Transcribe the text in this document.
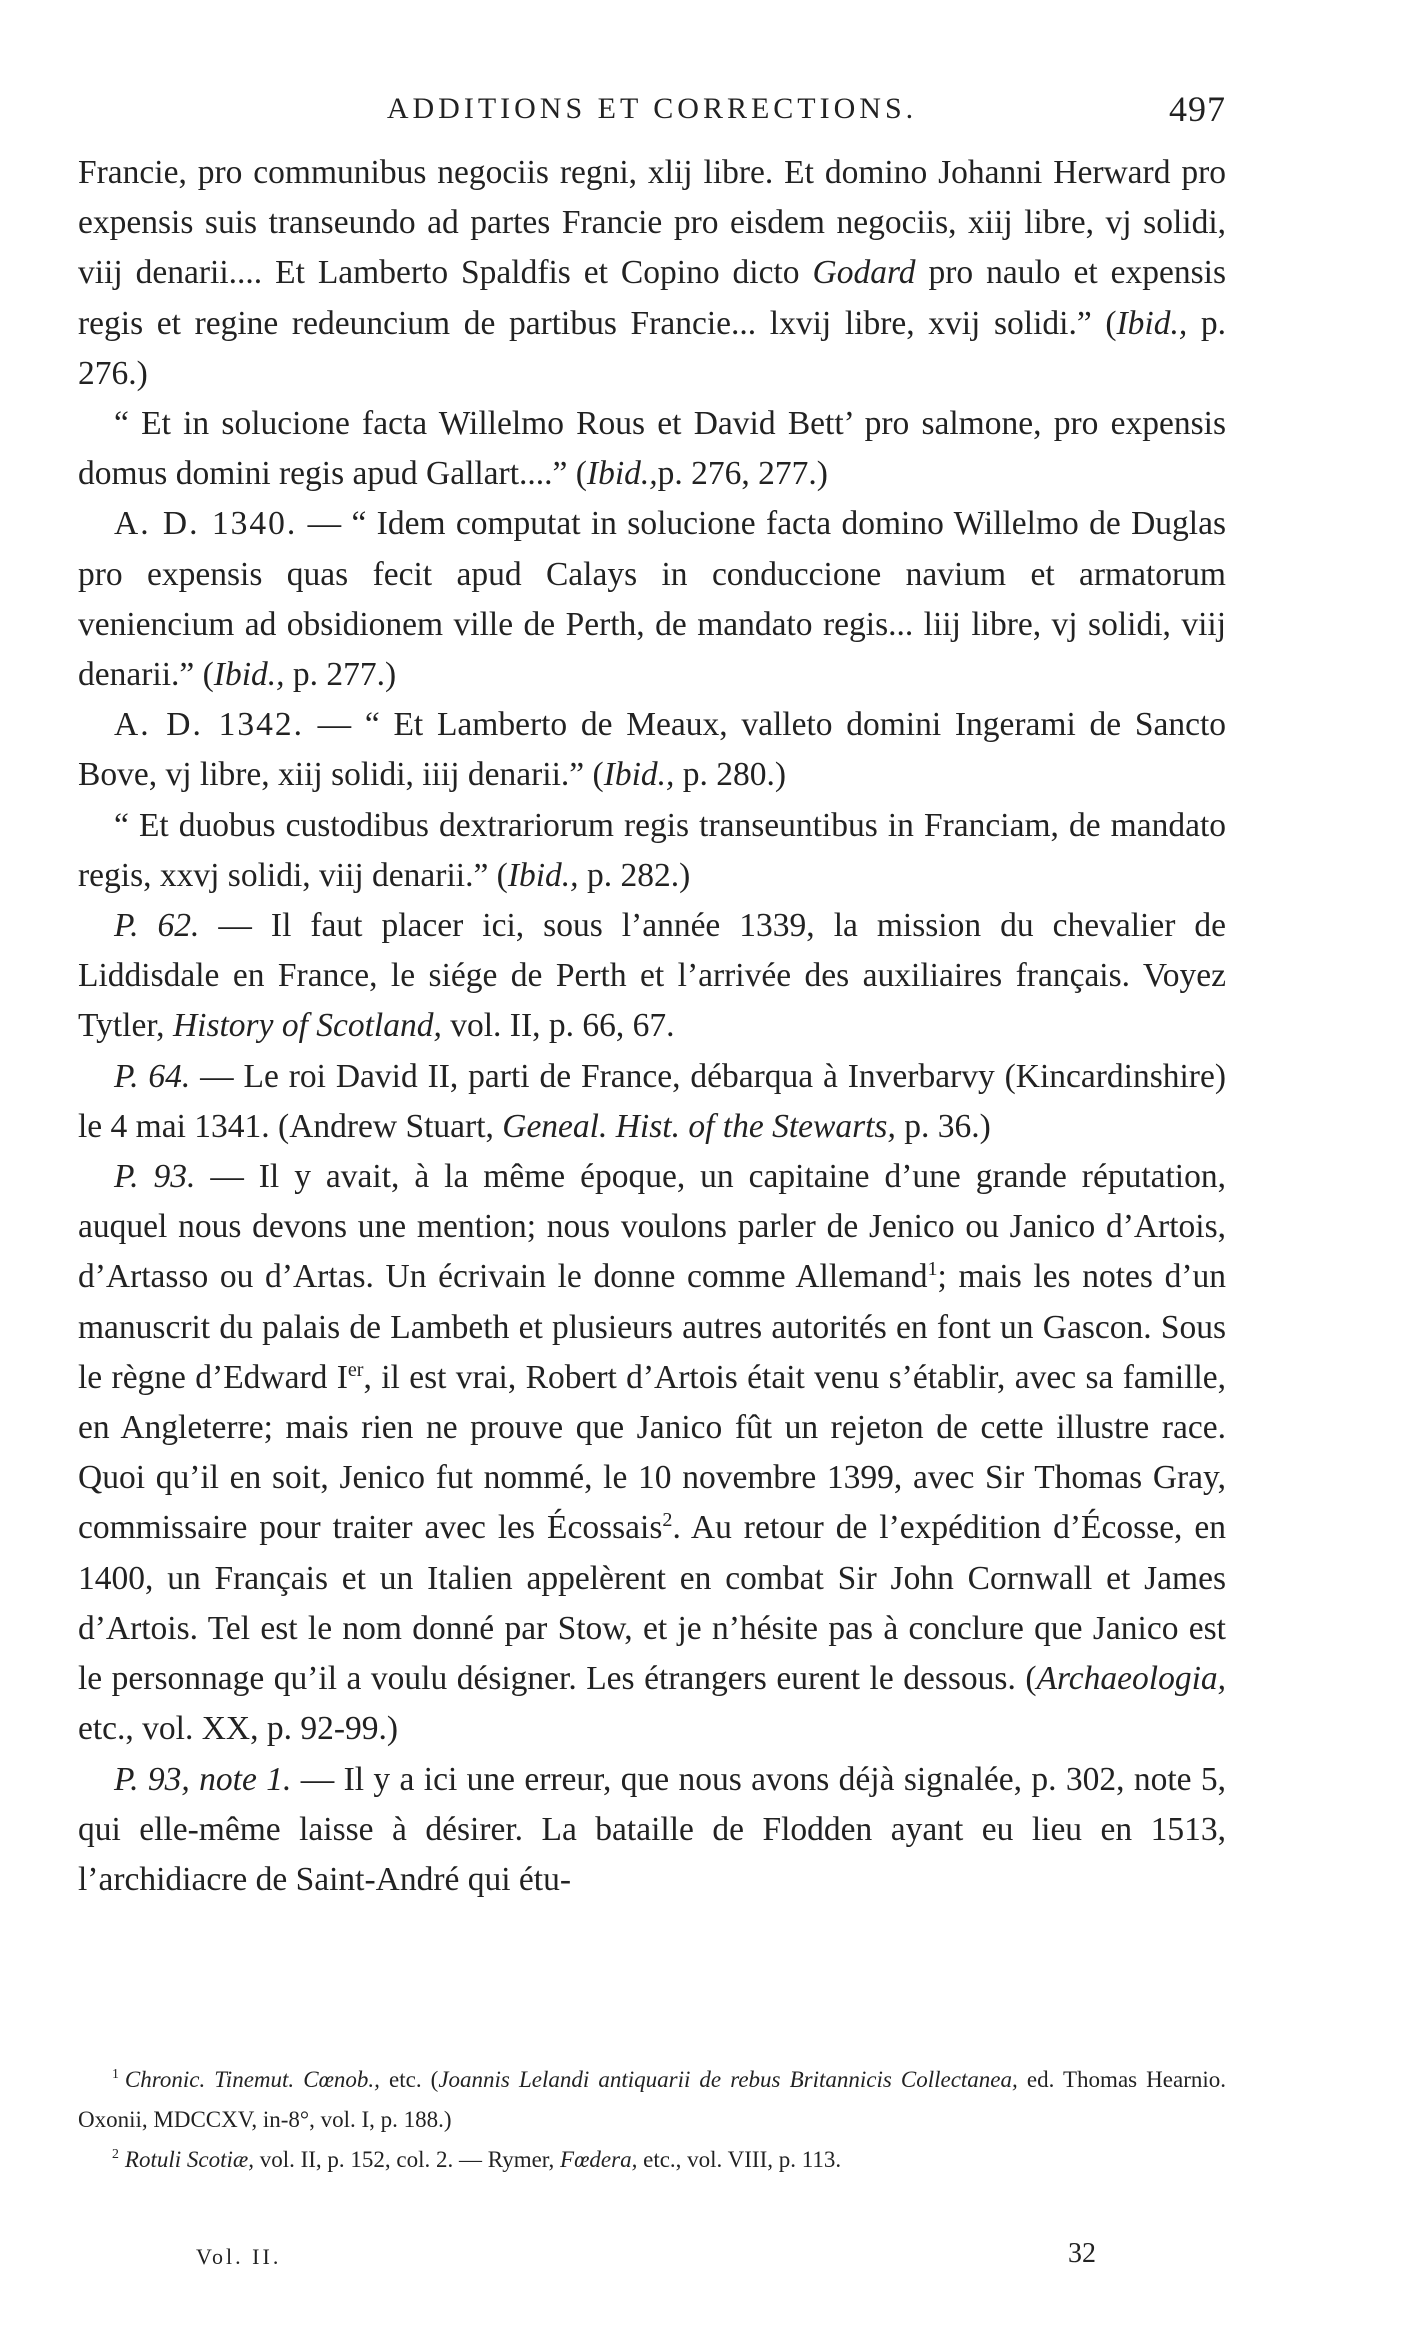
ADDITIONS ET CORRECTIONS.	497

Francie, pro communibus negociis regni, xlij libre. Et domino Johanni Herward pro expensis suis transeundo ad partes Francie pro eisdem negociis, xiij libre, vj solidi, viij denarii.... Et Lamberto Spaldfis et Copino dicto Godard pro naulo et expensis regis et regine redeuncium de partibus Francie... lxvij libre, xvij solidi.” (Ibid., p. 276.)

“ Et in solucione facta Willelmo Rous et David Bett’ pro salmone, pro expensis domus domini regis apud Gallart....” (Ibid.,p. 276, 277.)

A. D. 1340. — “ Idem computat in solucione facta domino Willelmo de Duglas pro expensis quas fecit apud Calays in conduccione navium et armatorum veniencium ad obsidionem ville de Perth, de mandato regis... liij libre, vj solidi, viij denarii.” (Ibid., p. 277.)

A. D. 1342. — “ Et Lamberto de Meaux, valleto domini Ingerami de Sancto Bove, vj libre, xiij solidi, iiij denarii.” (Ibid., p. 280.)

“ Et duobus custodibus dextrariorum regis transeuntibus in Franciam, de mandato regis, xxvj solidi, viij denarii.” (Ibid., p. 282.)

P. 62. — Il faut placer ici, sous l’année 1339, la mission du chevalier de Liddisdale en France, le siége de Perth et l’arrivée des auxiliaires français. Voyez Tytler, History of Scotland, vol. II, p. 66, 67.

P. 64. — Le roi David II, parti de France, débarqua à Inverbarvy (Kincardinshire) le 4 mai 1341. (Andrew Stuart, Geneal. Hist. of the Stewarts, p. 36.)

P. 93. — Il y avait, à la même époque, un capitaine d’une grande réputation, auquel nous devons une mention; nous voulons parler de Jenico ou Janico d’Artois, d’Artasso ou d’Artas. Un écrivain le donne comme Allemand$^1$; mais les notes d’un manuscrit du palais de Lambeth et plusieurs autres autorités en font un Gascon. Sous le règne d’Edward Ier, il est vrai, Robert d’Artois était venu s’établir, avec sa famille, en Angleterre; mais rien ne prouve que Janico fût un rejeton de cette illustre race. Quoi qu’il en soit, Jenico fut nommé, le 10 novembre 1399, avec Sir Thomas Gray, commissaire pour traiter avec les Écossais$^2$. Au retour de l’expédition d’Écosse, en 1400, un Français et un Italien appelèrent en combat Sir John Cornwall et James d’Artois. Tel est le nom donné par Stow, et je n’hésite pas à conclure que Janico est le personnage qu’il a voulu désigner. Les étrangers eurent le dessous. (Archaeologia, etc., vol. XX, p. 92-99.)

P. 93, note 1. — Il y a ici une erreur, que nous avons déjà signalée, p. 302, note 5, qui elle-même laisse à désirer. La bataille de Flodden ayant eu lieu en 1513, l’archidiacre de Saint-André qui étu-

$^1$ Chronic. Tinemut. Cœnob., etc. (Joannis Lelandi antiquarii de rebus Britannicis Collectanea, ed. Thomas Hearnio. Oxonii, MDCCXV, in-8°, vol. I, p. 188.)

$^2$ Rotuli Scotiæ, vol. II, p. 152, col. 2. — Rymer, Fœdera, etc., vol. VIII, p. 113.

Vol. II.	32
